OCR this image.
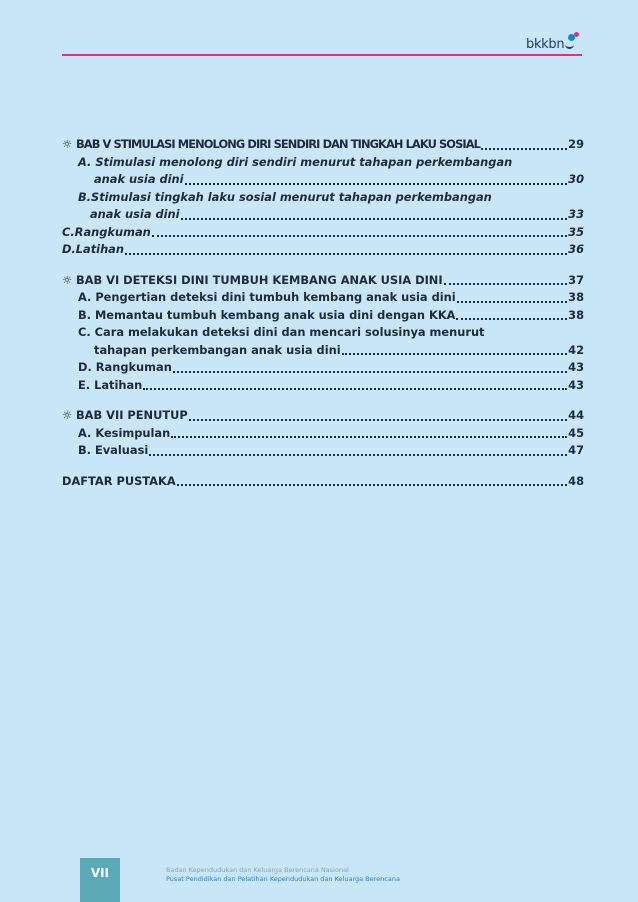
bkkbn
☼ BAB V STIMULASI MENOLONG DIRI SENDIRI DAN TINGKAH LAKU SOSIAL	29
A. Stimulasi menolong diri sendiri menurut tahapan perkembangan
anak usia dini	30
B.Stimulasi tingkah laku sosial menurut tahapan perkembangan
anak usia dini	33
C.Rangkuman	35
D.Latihan	36
☼ BAB VI DETEKSI DINI TUMBUH KEMBANG ANAK USIA DINI	37
A. Pengertian deteksi dini tumbuh kembang anak usia dini	38
B. Memantau tumbuh kembang anak usia dini dengan KKA	38
C. Cara melakukan deteksi dini dan mencari solusinya menurut
tahapan perkembangan anak usia dini	42
D. Rangkuman	43
E. Latihan	43
☼ BAB VII PENUTUP	44
A. Kesimpulan	45
B. Evaluasi	47
DAFTAR PUSTAKA	48
VII	Badan Kependudukan dan Keluarga Berencana Nasional
Pusat Pendidikan dan Pelatihan Kependudukan dan Keluarga Berencana
